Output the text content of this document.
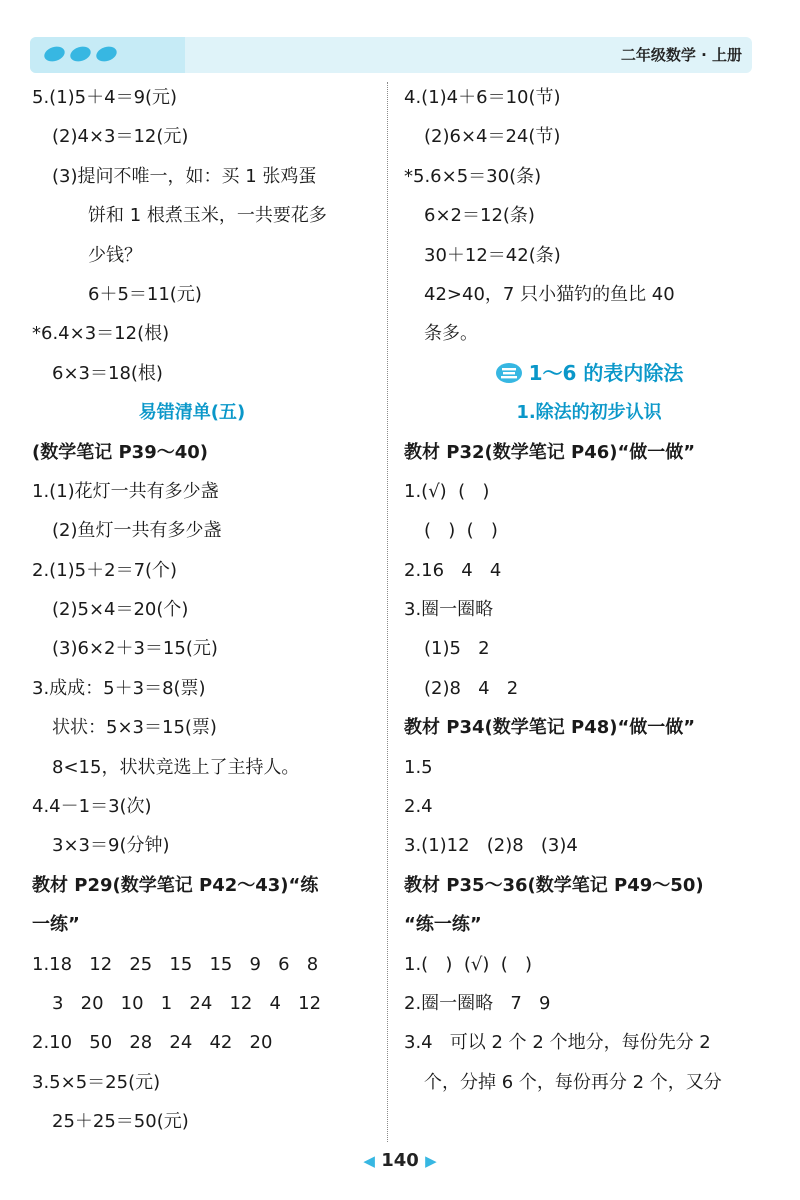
二年级数学 · 上册
5.(1)5＋4＝9(元)
(2)4×3＝12(元)
(3)提问不唯一，如：买 1 张鸡蛋
饼和 1 根煮玉米，一共要花多
少钱？
6＋5＝11(元)
*6.4×3＝12(根)
6×3＝18(根)
易错清单(五)
(数学笔记 P39～40)
1.(1)花灯一共有多少盏
(2)鱼灯一共有多少盏
2.(1)5＋2＝7(个)
(2)5×4＝20(个)
(3)6×2＋3＝15(元)
3.成成：5＋3＝8(票)
状状：5×3＝15(票)
8<15，状状竞选上了主持人。
4.4－1＝3(次)
3×3＝9(分钟)
教材 P29(数学笔记 P42～43)“练
一练”
1.18   12   25   15   15   9   6   8
3   20   10   1   24   12   4   12
2.10   50   28   24   42   20
3.5×5＝25(元)
25＋25＝50(元)
4.(1)4＋6＝10(节)
(2)6×4＝24(节)
*5.6×5＝30(条)
6×2＝12(条)
30＋12＝42(条)
42>40，7 只小猫钓的鱼比 40
条多。
1～6 的表内除法
1.除法的初步认识
教材 P32(数学笔记 P46)“做一做”
1.(√)  (   )
(   )  (   )
2.16   4   4
3.圈一圈略
(1)5   2
(2)8   4   2
教材 P34(数学笔记 P48)“做一做”
1.5
2.4
3.(1)12   (2)8   (3)4
教材 P35～36(数学笔记 P49～50)
“练一练”
1.(   )  (√)  (   )
2.圈一圈略   7   9
3.4   可以 2 个 2 个地分，每份先分 2
个，分掉 6 个，每份再分 2 个，又分
◀ 140 ▶
